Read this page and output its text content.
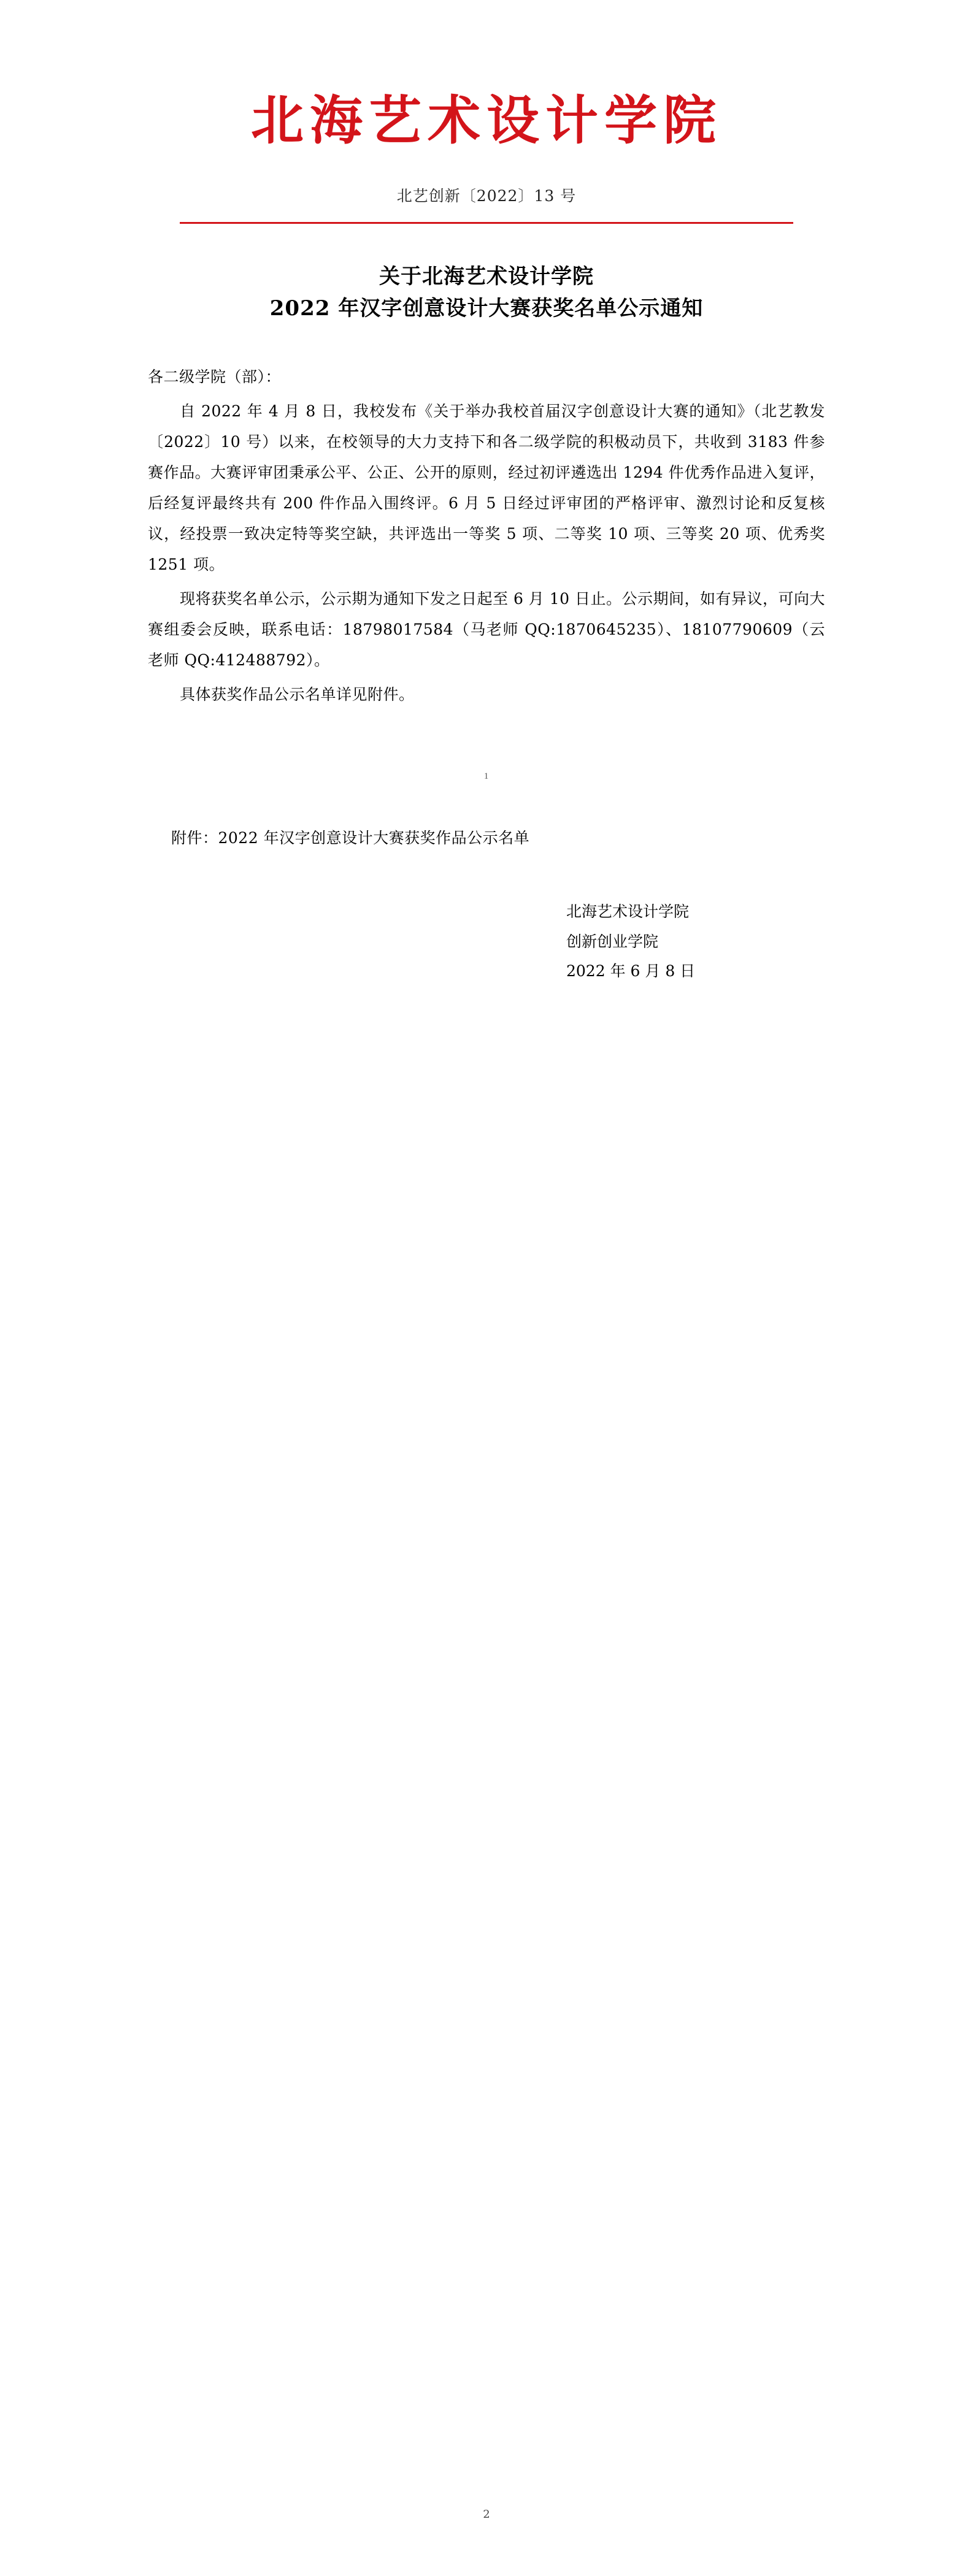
北海艺术设计学院
北艺创新〔2022〕13 号
关于北海艺术设计学院
2022 年汉字创意设计大赛获奖名单公示通知

各二级学院（部）：

自 2022 年 4 月 8 日，我校发布《关于举办我校首届汉字创意设计大赛的通知》（北艺教发〔2022〕10 号）以来，在校领导的大力支持下和各二级学院的积极动员下，共收到 3183 件参赛作品。大赛评审团秉承公平、公正、公开的原则，经过初评遴选出 1294 件优秀作品进入复评，后经复评最终共有 200 件作品入围终评。6 月 5 日经过评审团的严格评审、激烈讨论和反复核议，经投票一致决定特等奖空缺，共评选出一等奖 5 项、二等奖 10 项、三等奖 20 项、优秀奖 1251 项。

现将获奖名单公示，公示期为通知下发之日起至 6 月 10 日止。公示期间，如有异议，可向大赛组委会反映，联系电话：18798017584（马老师 QQ:1870645235）、18107790609（云老师 QQ:412488792）。

具体获奖作品公示名单详见附件。

1
附件：2022 年汉字创意设计大赛获奖作品公示名单
北海艺术设计学院
创新创业学院
2022 年 6 月 8 日
2
